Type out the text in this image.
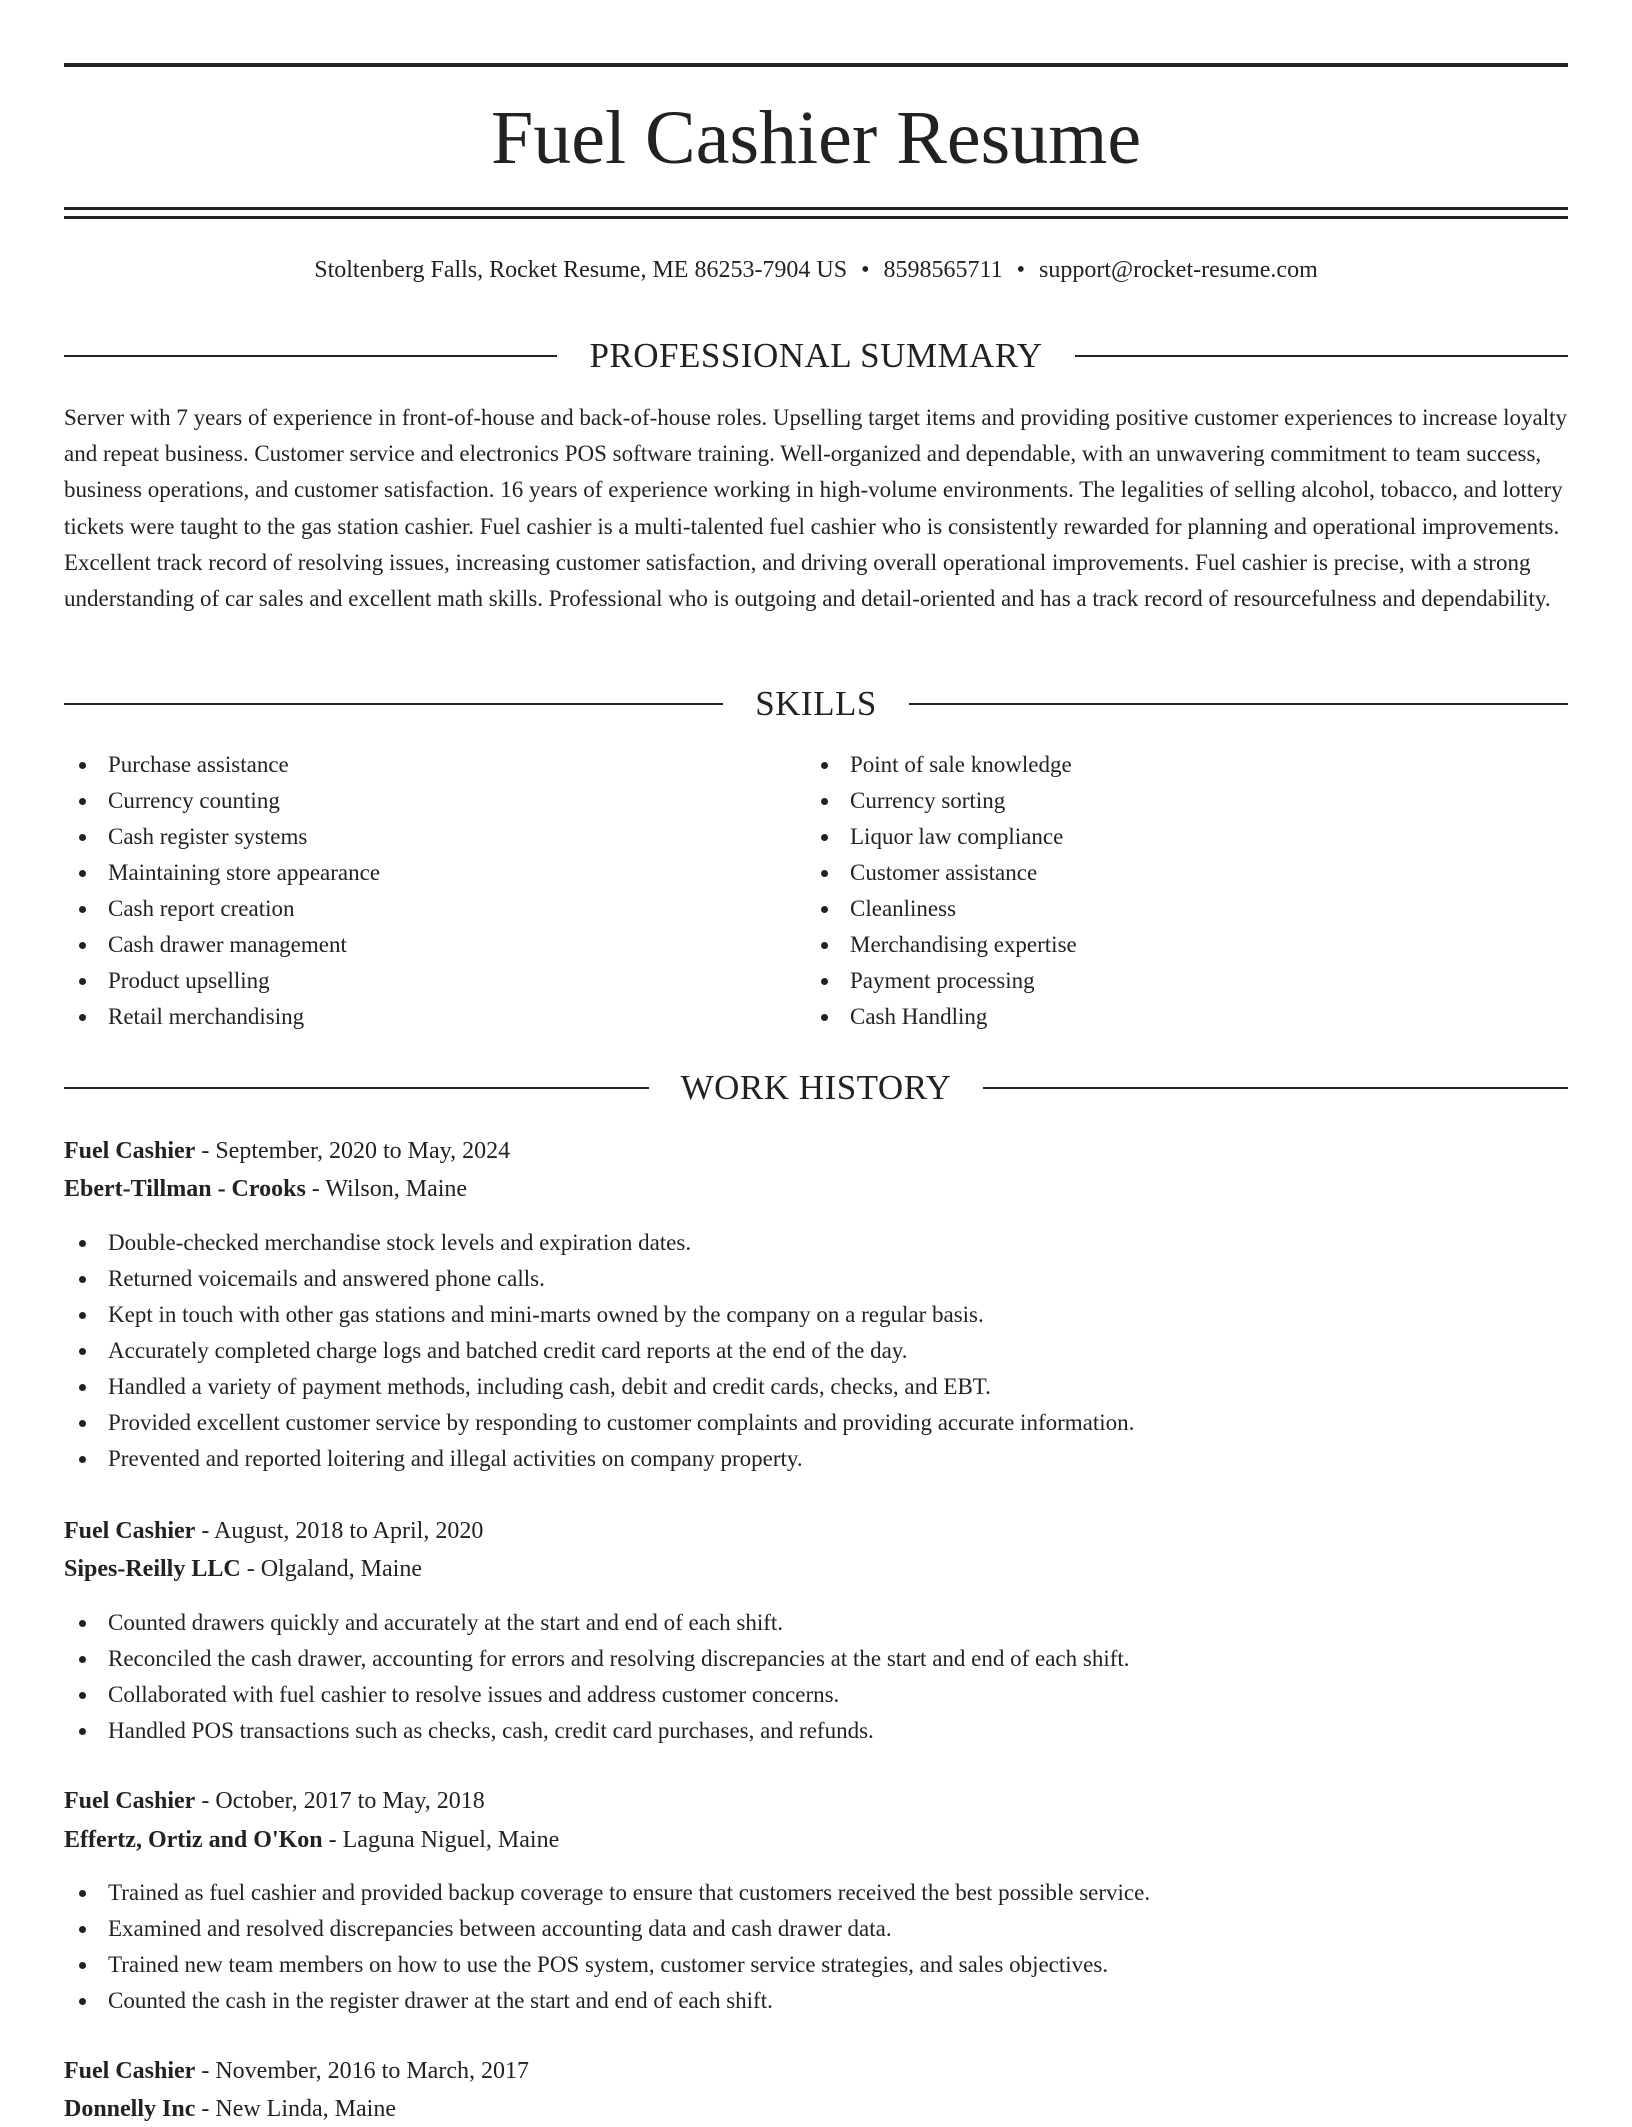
Fuel Cashier Resume
Stoltenberg Falls, Rocket Resume, ME 86253-7904 US • 8598565711 • support@rocket-resume.com
PROFESSIONAL SUMMARY

Server with 7 years of experience in front-of-house and back-of-house roles. Upselling target items and providing positive customer experiences to increase loyalty and repeat business. Customer service and electronics POS software training. Well-organized and dependable, with an unwavering commitment to team success, business operations, and customer satisfaction. 16 years of experience working in high-volume environments. The legalities of selling alcohol, tobacco, and lottery tickets were taught to the gas station cashier. Fuel cashier is a multi-talented fuel cashier who is consistently rewarded for planning and operational improvements. Excellent track record of resolving issues, increasing customer satisfaction, and driving overall operational improvements. Fuel cashier is precise, with a strong understanding of car sales and excellent math skills. Professional who is outgoing and detail-oriented and has a track record of resourcefulness and dependability.

SKILLS
Purchase assistance
Currency counting
Cash register systems
Maintaining store appearance
Cash report creation
Cash drawer management
Product upselling
Retail merchandising
Point of sale knowledge
Currency sorting
Liquor law compliance
Customer assistance
Cleanliness
Merchandising expertise
Payment processing
Cash Handling
WORK HISTORY
Fuel Cashier - September, 2020 to May, 2024
Ebert-Tillman - Crooks - Wilson, Maine
Double-checked merchandise stock levels and expiration dates.
Returned voicemails and answered phone calls.
Kept in touch with other gas stations and mini-marts owned by the company on a regular basis.
Accurately completed charge logs and batched credit card reports at the end of the day.
Handled a variety of payment methods, including cash, debit and credit cards, checks, and EBT.
Provided excellent customer service by responding to customer complaints and providing accurate information.
Prevented and reported loitering and illegal activities on company property.
Fuel Cashier - August, 2018 to April, 2020
Sipes-Reilly LLC - Olgaland, Maine
Counted drawers quickly and accurately at the start and end of each shift.
Reconciled the cash drawer, accounting for errors and resolving discrepancies at the start and end of each shift.
Collaborated with fuel cashier to resolve issues and address customer concerns.
Handled POS transactions such as checks, cash, credit card purchases, and refunds.
Fuel Cashier - October, 2017 to May, 2018
Effertz, Ortiz and O'Kon - Laguna Niguel, Maine
Trained as fuel cashier and provided backup coverage to ensure that customers received the best possible service.
Examined and resolved discrepancies between accounting data and cash drawer data.
Trained new team members on how to use the POS system, customer service strategies, and sales objectives.
Counted the cash in the register drawer at the start and end of each shift.
Fuel Cashier - November, 2016 to March, 2017
Donnelly Inc - New Linda, Maine
